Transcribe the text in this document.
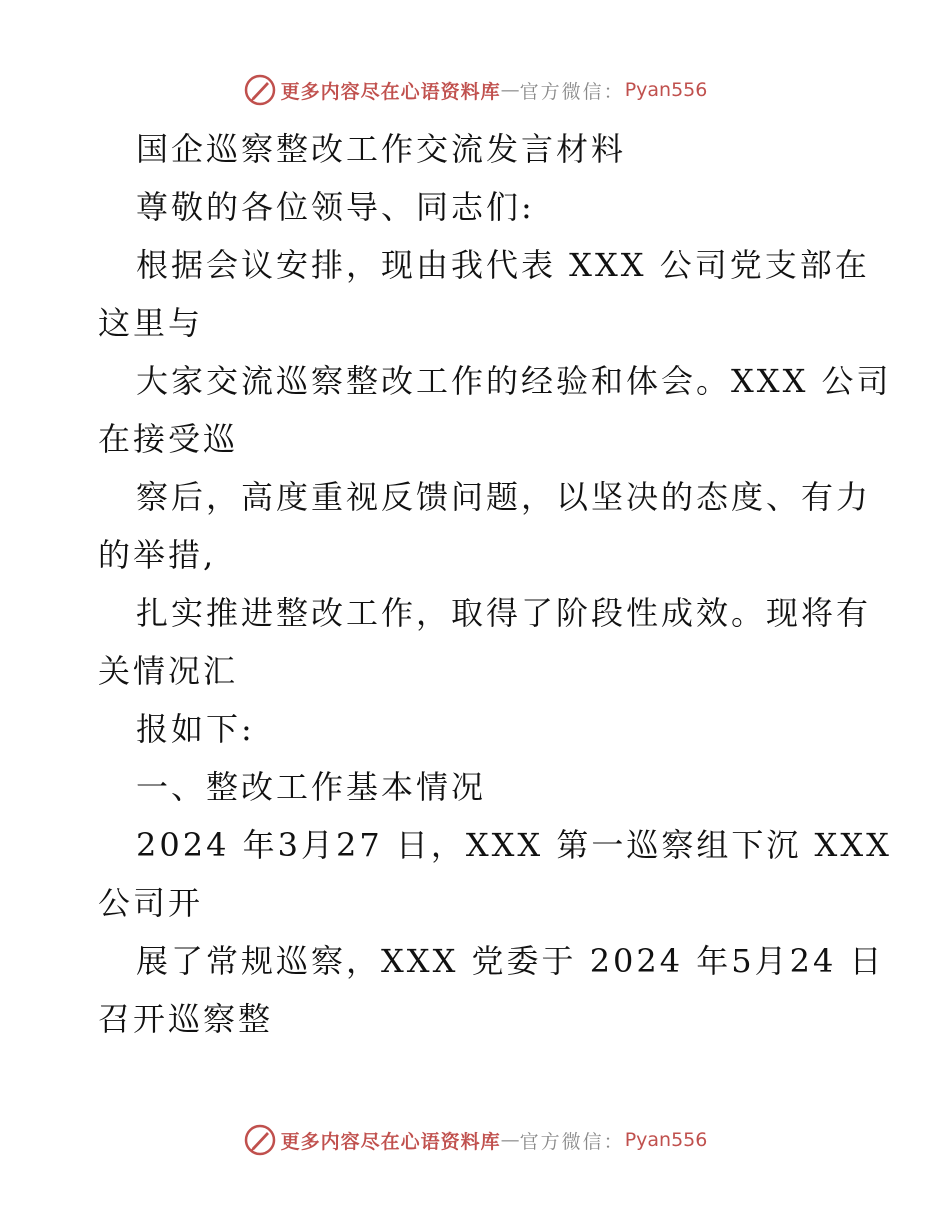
更多内容尽在心语资料库 — 官方微信： Pyan556
国企巡察整改工作交流发言材料
尊敬的各位领导、同志们:
根据会议安排，现由我代表 XXX 公司党支部在
这里与
大家交流巡察整改工作的经验和体会。XXX 公司
在接受巡
察后，高度重视反馈问题，以坚决的态度、有力
的举措,
扎实推进整改工作，取得了阶段性成效。现将有
关情况汇
报如下:
一、整改工作基本情况
2024 年3月27 日，XXX 第一巡察组下沉 XXX
公司开
展了常规巡察，XXX 党委于 2024 年5月24 日
召开巡察整
更多内容尽在心语资料库 — 官方微信： Pyan556
